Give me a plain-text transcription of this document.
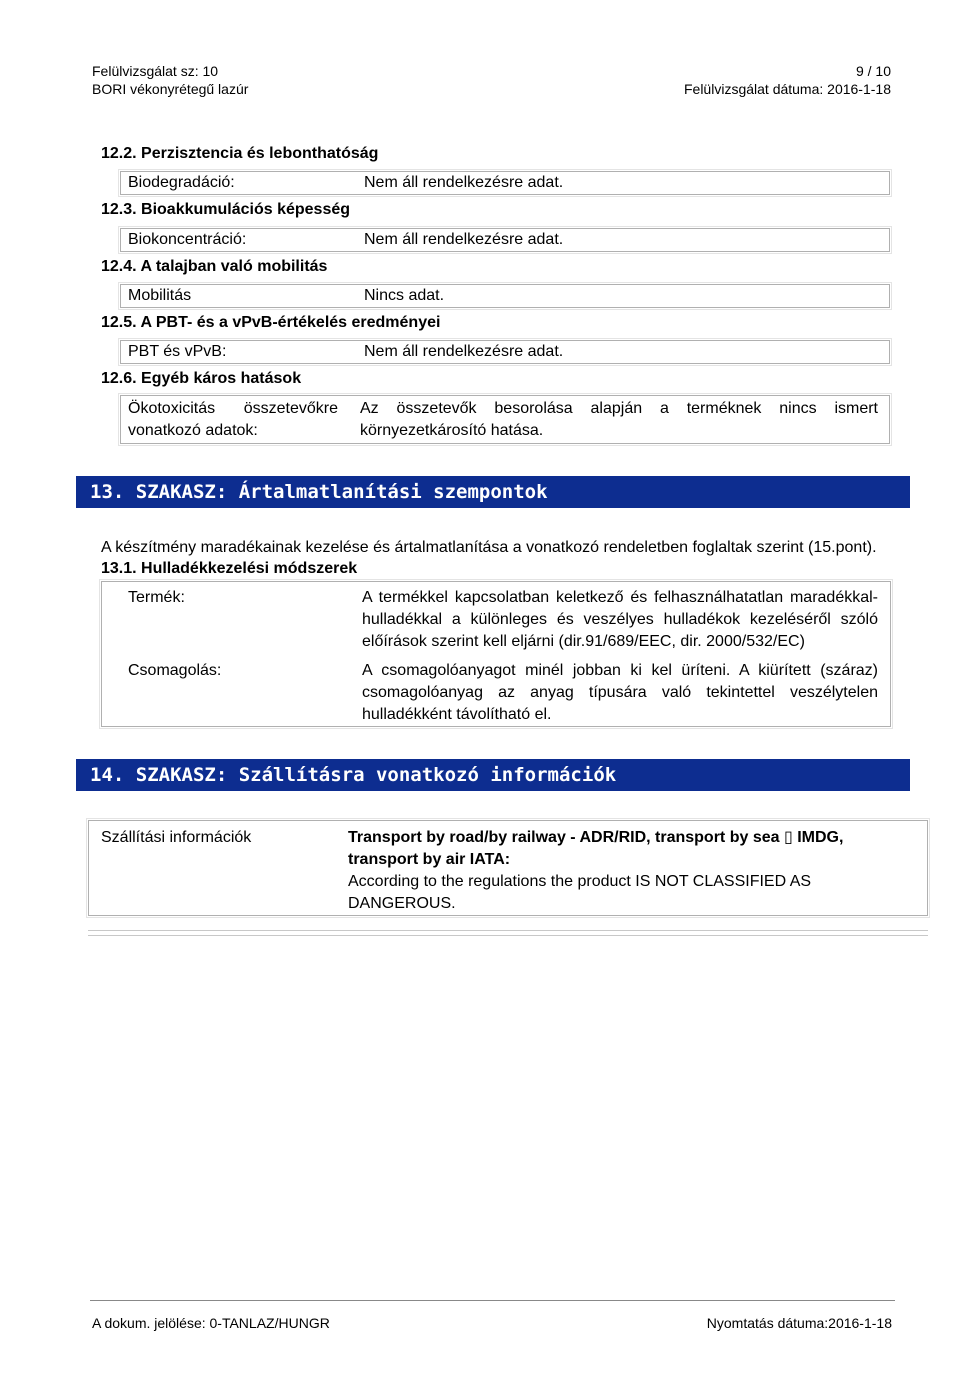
Felülvizsgálat sz: 10
BORI vékonyrétegű lazúr
9 / 10
Felülvizsgálat dátuma: 2016-1-18
12.2. Perzisztencia és lebonthatóság
Biodegradáció:	Nem áll rendelkezésre adat.
12.3. Bioakkumulációs képesség
Biokoncentráció:	Nem áll rendelkezésre adat.
12.4. A talajban való mobilitás
Mobilitás	Nincs adat.
12.5. A PBT- és a vPvB-értékelés eredményei
PBT és vPvB:	Nem áll rendelkezésre adat.
12.6. Egyéb káros hatások
Ökotoxicitás összetevőkre vonatkozó adatok:
Az összetevők besorolása alapján a terméknek nincs ismert környezetkárosító hatása.
13. SZAKASZ: Ártalmatlanítási szempontok
A készítmény maradékainak kezelése és ártalmatlanítása a vonatkozó rendeletben foglaltak szerint (15.pont).
13.1. Hulladékkezelési módszerek
Termék:	A termékkel kapcsolatban keletkező és felhasználhatatlan maradékkal-hulladékkal a különleges és veszélyes hulladékok kezeléséről szóló előírások szerint kell eljárni (dir.91/689/EEC, dir. 2000/532/EC)
Csomagolás:	A csomagolóanyagot minél jobban ki kel üríteni. A kiürített (száraz) csomagolóanyag az anyag típusára való tekintettel veszélytelen hulladékként távolítható el.
14. SZAKASZ: Szállításra vonatkozó információk
Szállítási információk	Transport by road/by railway - ADR/RID, transport by sea ▯ IMDG, transport by air IATA:
According to the regulations the product IS NOT CLASSIFIED AS DANGEROUS.
A dokum. jelölése: 0-TANLAZ/HUNGR	Nyomtatás dátuma:2016-1-18
